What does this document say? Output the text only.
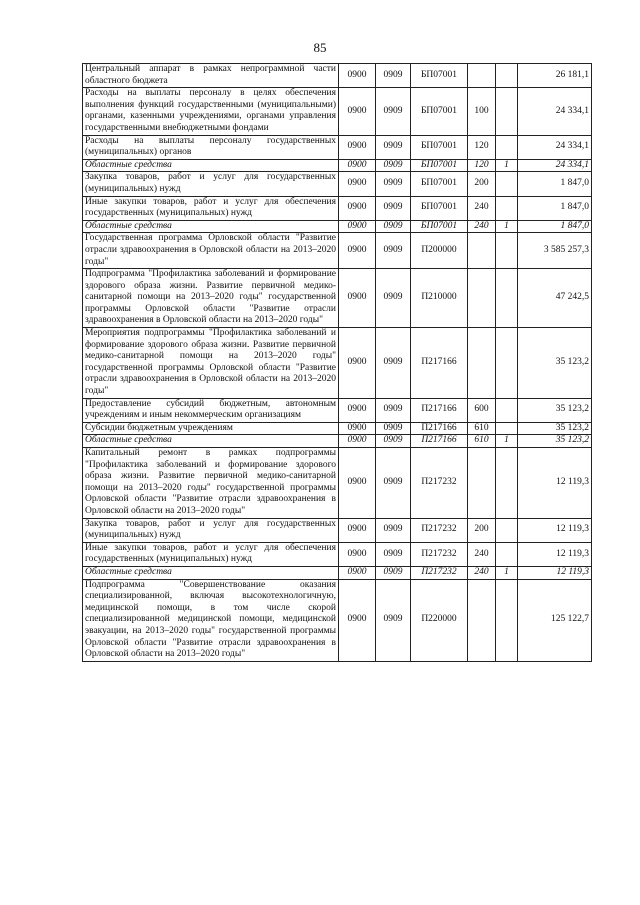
85
Центральный аппарат в рамках непрограммной части областного бюджета	0900	0909	БП07001			26 181,1
Расходы на выплаты персоналу в целях обеспечения выполнения функций государственными (муниципальными) органами, казенными учреждениями, органами управления государственными внебюджетными фондами	0900	0909	БП07001	100		24 334,1
Расходы на выплаты персоналу государственных (муниципальных) органов	0900	0909	БП07001	120		24 334,1
Областные средства	0900	0909	БП07001	120	1	24 334,1
Закупка товаров, работ и услуг для государственных (муниципальных) нужд	0900	0909	БП07001	200		1 847,0
Иные закупки товаров, работ и услуг для обеспечения государственных (муниципальных) нужд	0900	0909	БП07001	240		1 847,0
Областные средства	0900	0909	БП07001	240	1	1 847,0
Государственная программа Орловской области "Развитие отрасли здравоохранения в Орловской области на 2013–2020 годы"	0900	0909	П200000			3 585 257,3
Подпрограмма "Профилактика заболеваний и формирование здорового образа жизни. Развитие первичной медико-санитарной помощи на 2013–2020 годы" государственной программы Орловской области "Развитие отрасли здравоохранения в Орловской области на 2013–2020 годы"	0900	0909	П210000			47 242,5
Мероприятия подпрограммы "Профилактика заболеваний и формирование здорового образа жизни. Развитие первичной медико-санитарной помощи на 2013–2020 годы" государственной программы Орловской области "Развитие отрасли здравоохранения в Орловской области на 2013–2020 годы"	0900	0909	П217166			35 123,2
Предоставление субсидий бюджетным, автономным учреждениям и иным некоммерческим организациям	0900	0909	П217166	600		35 123,2
Субсидии бюджетным учреждениям	0900	0909	П217166	610		35 123,2
Областные средства	0900	0909	П217166	610	1	35 123,2
Капитальный ремонт в рамках подпрограммы "Профилактика заболеваний и формирование здорового образа жизни. Развитие первичной медико-санитарной помощи на 2013–2020 годы" государственной программы Орловской области "Развитие отрасли здравоохранения в Орловской области на 2013–2020 годы"	0900	0909	П217232			12 119,3
Закупка товаров, работ и услуг для государственных (муниципальных) нужд	0900	0909	П217232	200		12 119,3
Иные закупки товаров, работ и услуг для обеспечения государственных (муниципальных) нужд	0900	0909	П217232	240		12 119,3
Областные средства	0900	0909	П217232	240	1	12 119,3
Подпрограмма "Совершенствование оказания специализированной, включая высокотехнологичную, медицинской помощи, в том числе скорой специализированной медицинской помощи, медицинской эвакуации, на 2013–2020 годы" государственной программы Орловской области "Развитие отрасли здравоохранения в Орловской области на 2013–2020 годы"	0900	0909	П220000			125 122,7
